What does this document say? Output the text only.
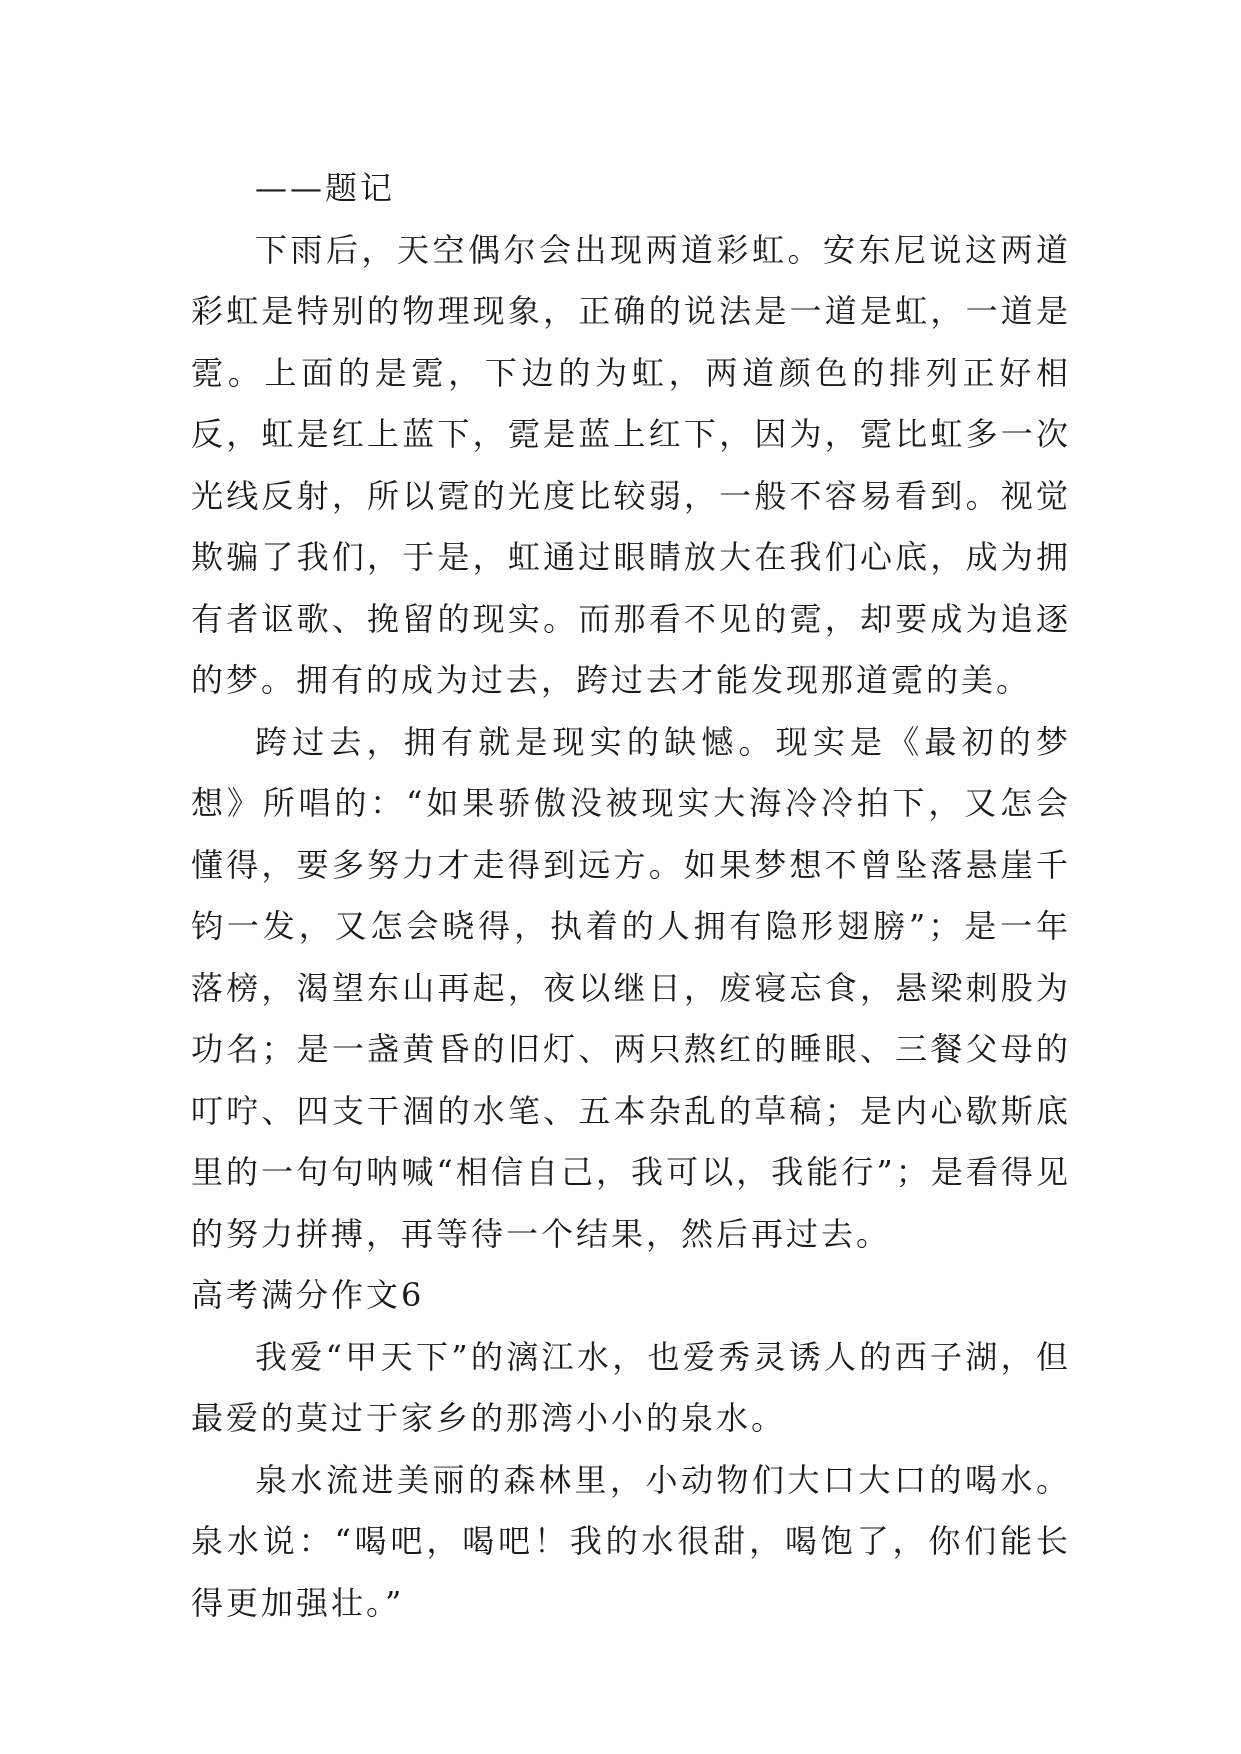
——题记

下雨后，天空偶尔会出现两道彩虹。安东尼说这两道彩虹是特别的物理现象，正确的说法是一道是虹，一道是霓。上面的是霓，下边的为虹，两道颜色的排列正好相反，虹是红上蓝下，霓是蓝上红下，因为，霓比虹多一次光线反射，所以霓的光度比较弱，一般不容易看到。视觉欺骗了我们，于是，虹通过眼睛放大在我们心底，成为拥有者讴歌、挽留的现实。而那看不见的霓，却要成为追逐的梦。拥有的成为过去，跨过去才能发现那道霓的美。

跨过去，拥有就是现实的缺憾。现实是《最初的梦想》所唱的：“如果骄傲没被现实大海冷冷拍下，又怎会懂得，要多努力才走得到远方。如果梦想不曾坠落悬崖千钧一发，又怎会晓得，执着的人拥有隐形翅膀”；是一年落榜，渴望东山再起，夜以继日，废寝忘食，悬梁刺股为功名；是一盏黄昏的旧灯、两只熬红的睡眼、三餐父母的叮咛、四支干涸的水笔、五本杂乱的草稿；是内心歇斯底里的一句句呐喊“相信自己，我可以，我能行”；是看得见的努力拼搏，再等待一个结果，然后再过去。

高考满分作文6

我爱“甲天下”的漓江水，也爱秀灵诱人的西子湖，但最爱的莫过于家乡的那湾小小的泉水。

泉水流进美丽的森林里，小动物们大口大口的喝水。泉水说：“喝吧，喝吧！我的水很甜，喝饱了，你们能长得更加强壮。”
